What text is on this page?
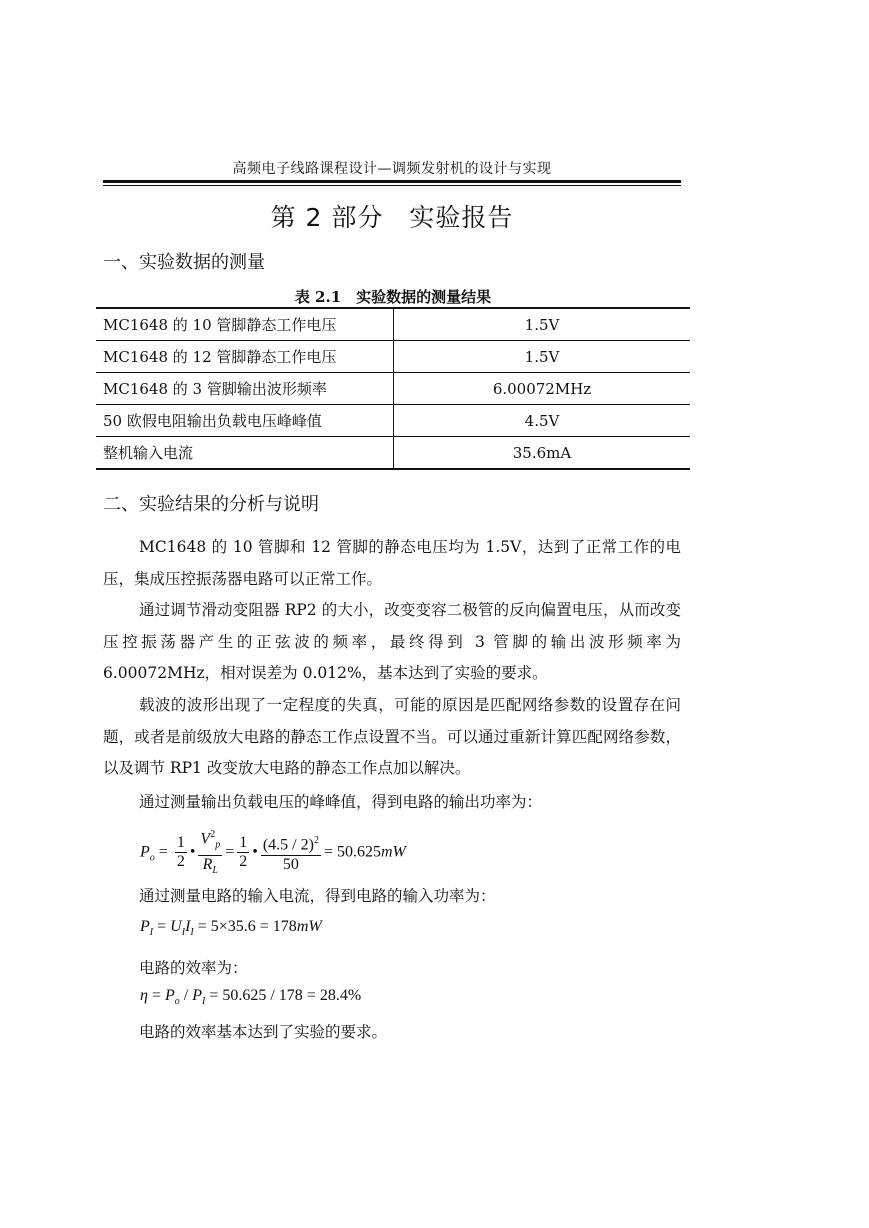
高频电子线路课程设计—调频发射机的设计与实现
第 2 部分　实验报告
一、实验数据的测量
表 2.1　实验数据的测量结果
MC1648 的 10 管脚静态工作电压	1.5V
MC1648 的 12 管脚静态工作电压	1.5V
MC1648 的 3 管脚输出波形频率	6.00072MHz
50 欧假电阻输出负载电压峰峰值	4.5V
整机输入电流	35.6mA
二、实验结果的分析与说明

MC1648 的 10 管脚和 12 管脚的静态电压均为 1.5V，达到了正常工作的电压，集成压控振荡器电路可以正常工作。

通过调节滑动变阻器 RP2 的大小，改变变容二极管的反向偏置电压，从而改变压控振荡器产生的正弦波的频率，最终得到 3 管脚的输出波形频率为 6.00072MHz，相对误差为 0.012%，基本达到了实验的要求。

载波的波形出现了一定程度的失真，可能的原因是匹配网络参数的设置存在问题，或者是前级放大电路的静态工作点设置不当。可以通过重新计算匹配网络参数，以及调节 RP1 改变放大电路的静态工作点加以解决。

通过测量输出负载电压的峰峰值，得到电路的输出功率为：
$P_o = \frac{1}{2}$ • $\frac{V^2_p}{R_L} = \frac{1}{2}$ • $\frac{(4.5 / 2)^2}{50} = 50.625mW$
通过测量电路的输入电流，得到电路的输入功率为：
$P_I = U_II_I = 5\times 35.6 = 178mW$
电路的效率为：
$\eta = P_o / P_I = 50.625 / 178 = 28.4\%$
电路的效率基本达到了实验的要求。
